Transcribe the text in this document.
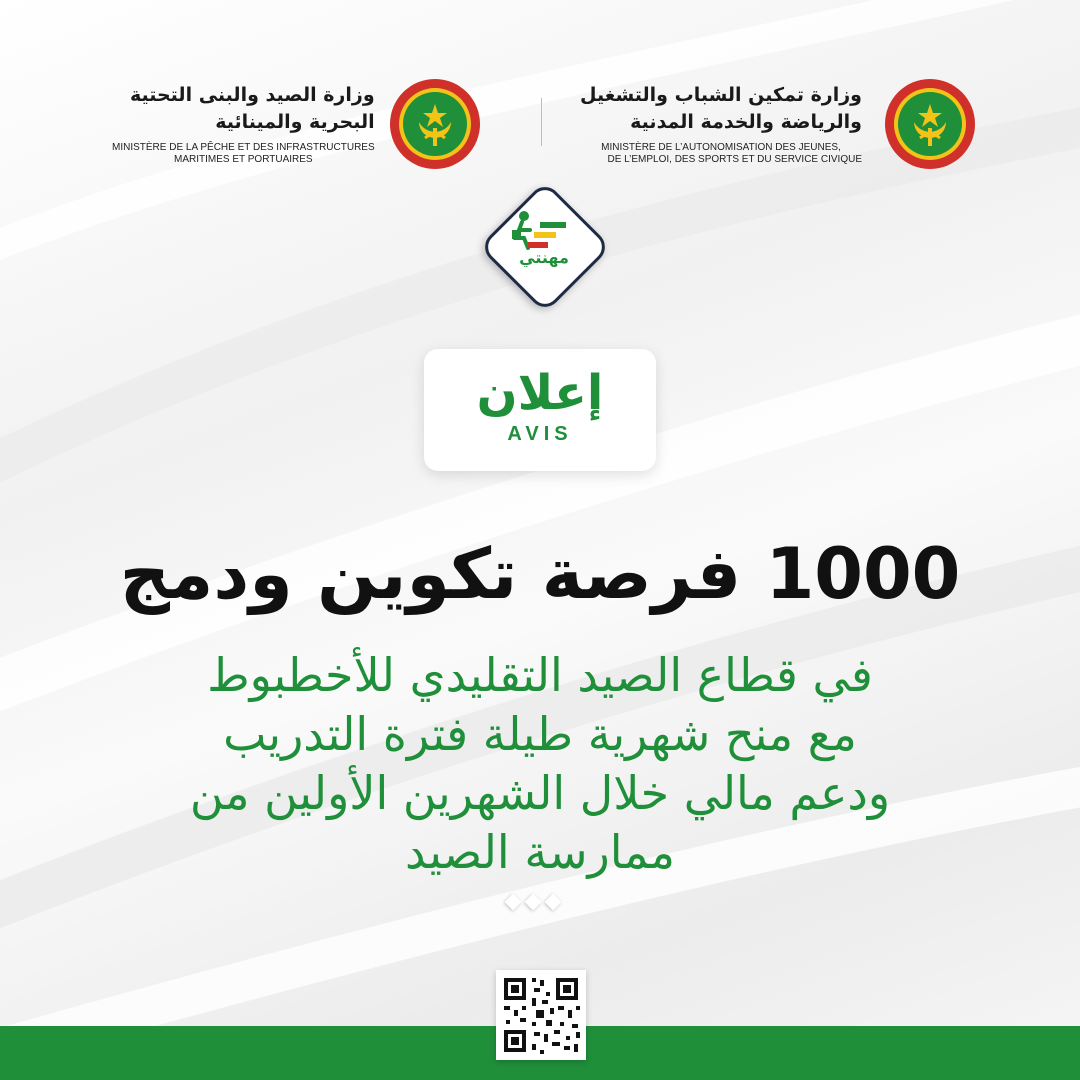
وزارة الصيد والبنى التحتية
البحرية والمينائية
MINISTÈRE DE LA PÊCHE ET DES INFRASTRUCTURES
MARITIMES ET PORTUAIRES
وزارة تمكين الشباب والتشغيل
والرياضة والخدمة المدنية
MINISTÈRE DE L’AUTONOMISATION DES JEUNES,
DE L’EMPLOI, DES SPORTS ET DU SERVICE CIVIQUE
مهنتي
إعلان
AVIS
1000 فرصة تكوين ودمج
في قطاع الصيد التقليدي للأخطبوط
مع منح شهرية طيلة فترة التدريب
ودعم مالي خلال الشهرين الأولين من
ممارسة الصيد
